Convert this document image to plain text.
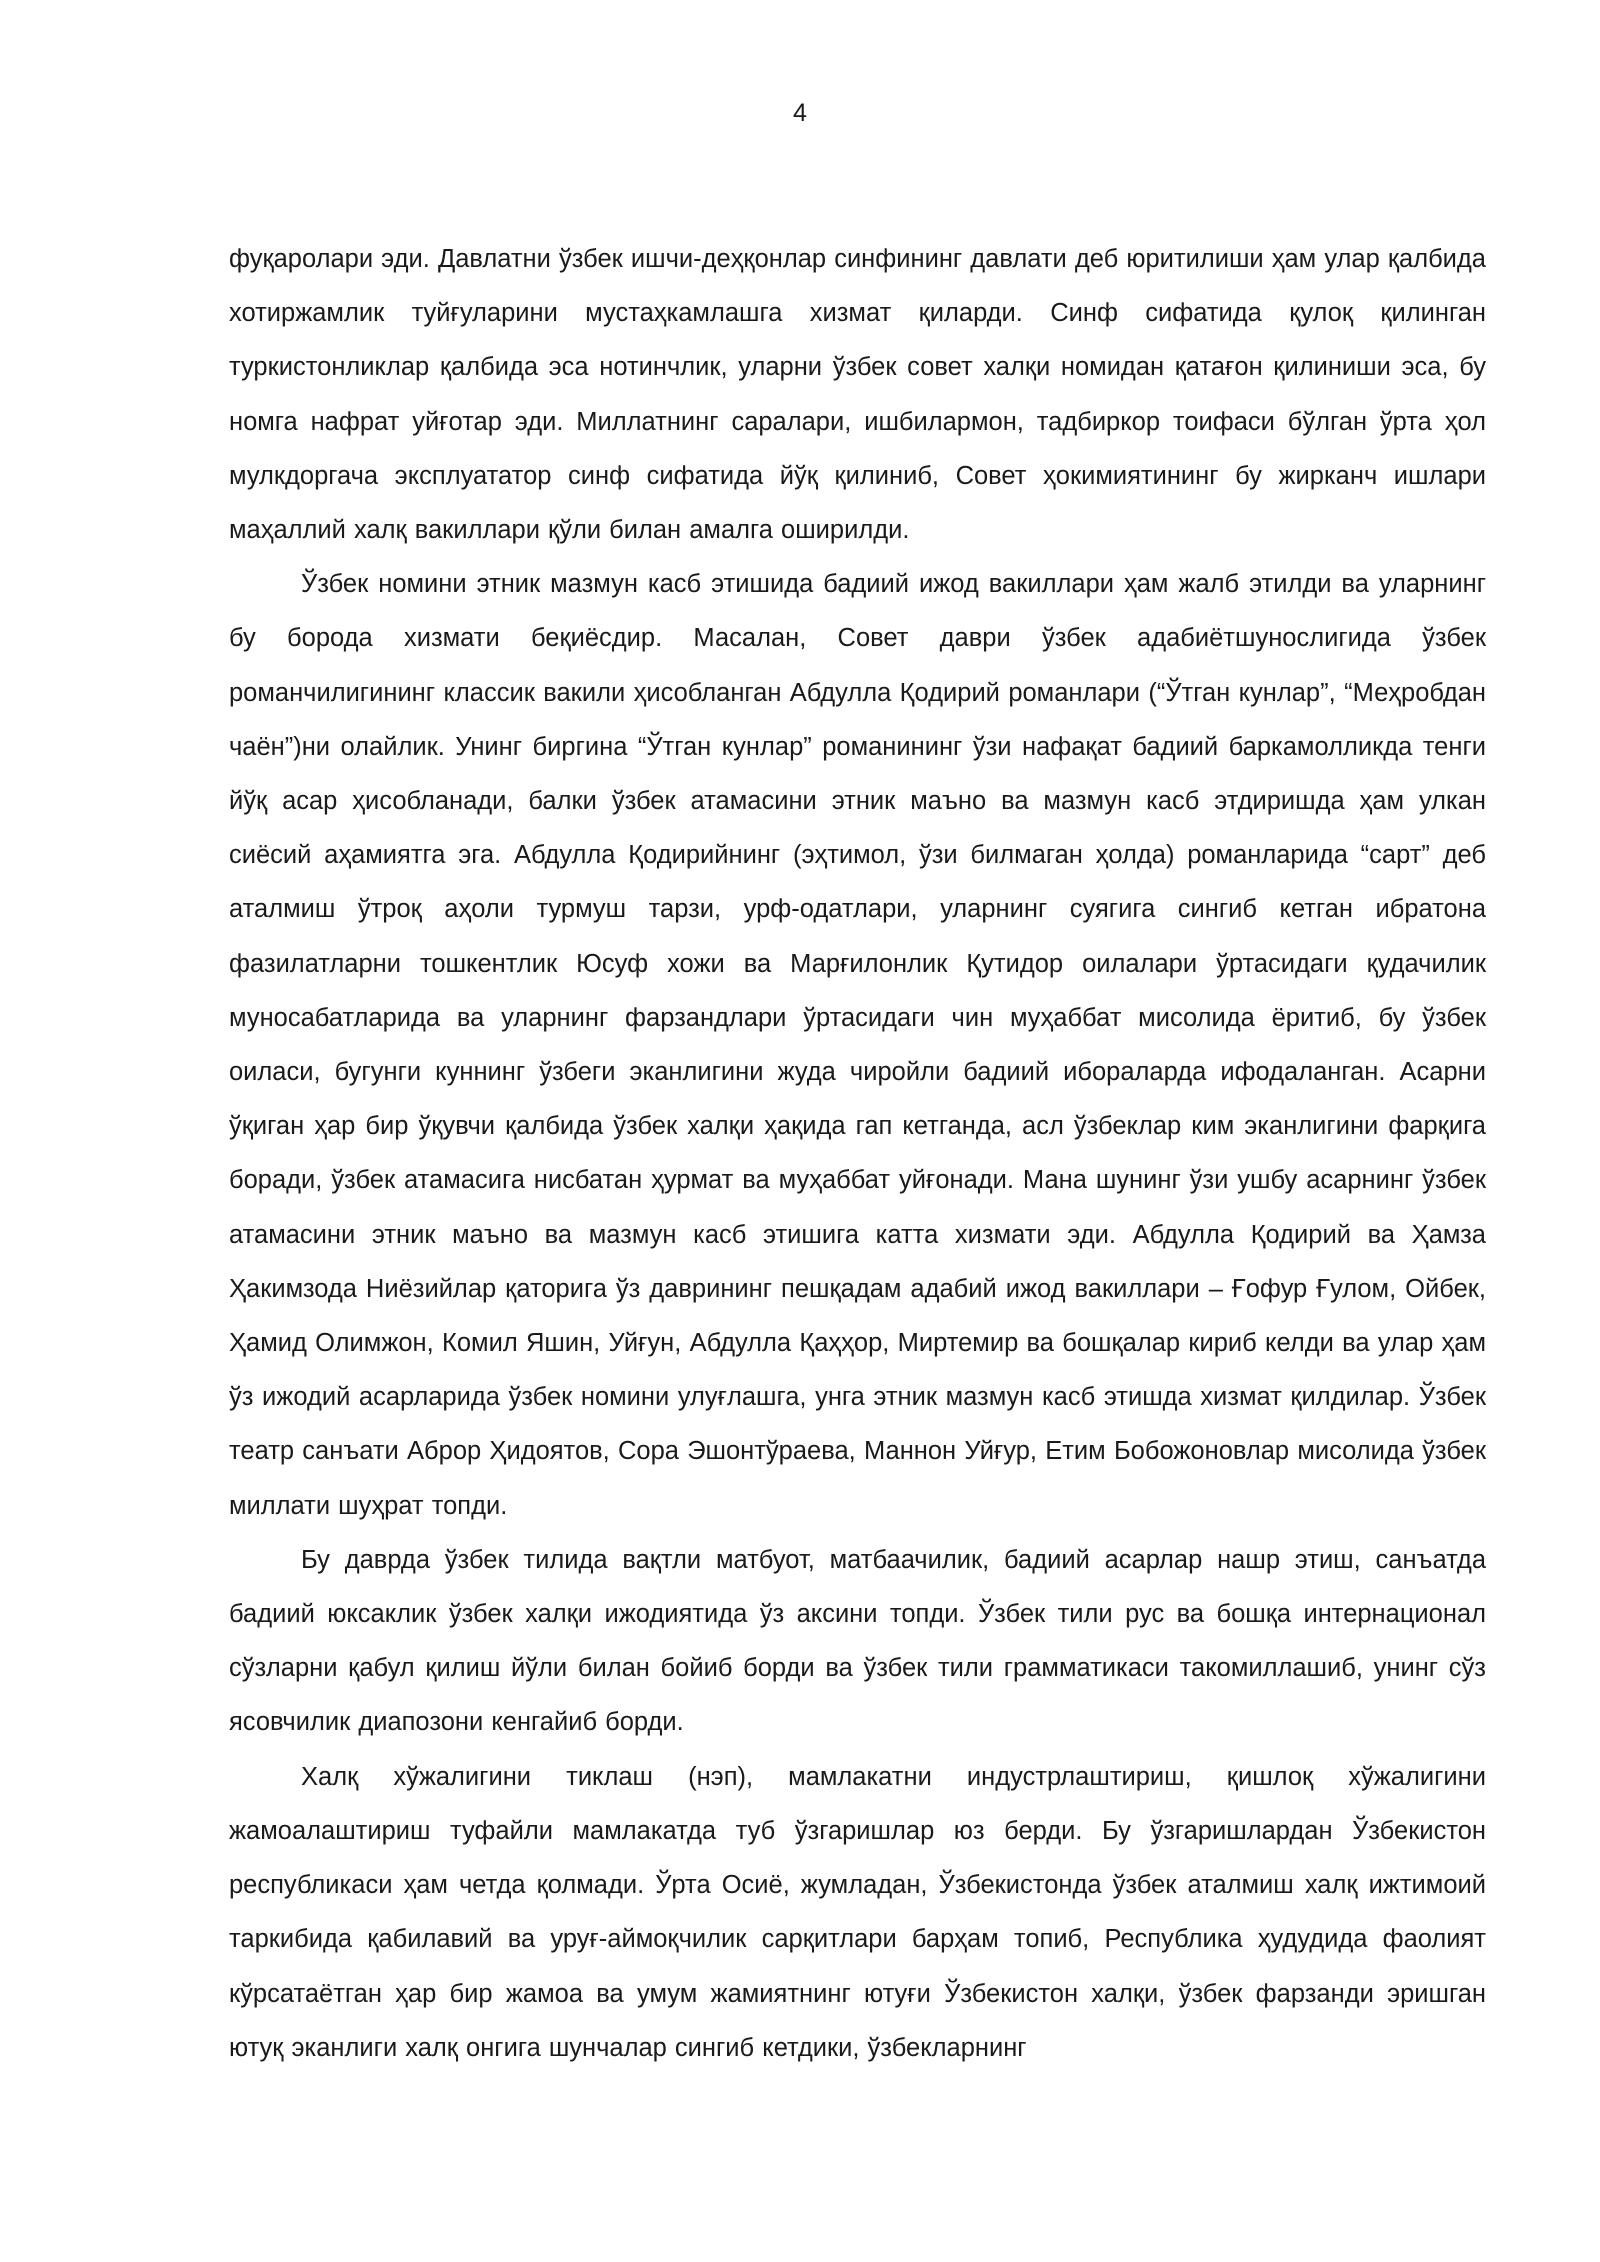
4

фуқаролари эди. Давлатни ўзбек ишчи-деҳқонлар синфининг давлати деб юритилиши ҳам улар қалбида хотиржамлик туйғуларини мустаҳкамлашга хизмат қиларди. Синф сифатида қулоқ қилинган туркистонликлар қалбида эса нотинчлик, уларни ўзбек совет халқи номидан қатағон қилиниши эса, бу номга нафрат уйғотар эди. Миллатнинг саралари, ишбилармон, тадбиркор тоифаси бўлган ўрта ҳол мулкдоргача эксплуататор синф сифатида йўқ қилиниб, Совет ҳокимиятининг бу жирканч ишлари маҳаллий халқ вакиллари қўли билан амалга оширилди.

Ўзбек номини этник мазмун касб этишида бадиий ижод вакиллари ҳам жалб этилди ва уларнинг бу бородa хизмати беқиёсдир. Масалан, Совет даври ўзбек адабиётшунослигида ўзбек романчилигининг классик вакили ҳисобланган Абдулла Қодирий романлари (“Ўтган кунлар”, “Меҳробдан чаён”)ни олайлик. Унинг биргина “Ўтган кунлар” романининг ўзи нафақат бадиий баркамолликда тенги йўқ асар ҳисобланади, балки ўзбек атамасини этник маъно ва мазмун касб этдиришда ҳам улкан сиёсий аҳамиятга эга. Абдулла Қодирийнинг (эҳтимол, ўзи билмаган ҳолда) романларида “сарт” деб аталмиш ўтроқ аҳоли турмуш тарзи, урф-одатлари, уларнинг суягига сингиб кетган ибратона фазилатларни тошкентлик Юсуф хожи ва Марғилонлик Қутидор оилалари ўртасидаги қудачилик муносабатларида ва уларнинг фарзандлари ўртасидаги чин муҳаббат мисолида ёритиб, бу ўзбек оиласи, бугунги куннинг ўзбеги эканлигини жуда чиройли бадиий ибораларда ифодаланган. Асарни ўқиган ҳар бир ўқувчи қалбида ўзбек халқи ҳақида гап кетганда, асл ўзбеклар ким эканлигини фарқига боради, ўзбек атамасига нисбатан ҳурмат ва муҳаббат уйғонади. Мана шунинг ўзи ушбу асарнинг ўзбек атамасини этник маъно ва мазмун касб этишига катта хизмати эди. Абдулла Қодирий ва Ҳамза Ҳакимзода Ниёзийлар қаторига ўз даврининг пешқадам адабий ижод вакиллари – Ғофур Ғулом, Ойбек, Ҳамид Олимжон, Комил Яшин, Уйғун, Абдулла Қаҳҳор, Миртемир ва бошқалар кириб келди ва улар ҳам ўз ижодий асарларида ўзбек номини улуғлашга, унга этник мазмун касб этишда хизмат қилдилар. Ўзбек театр санъати Аброр Ҳидоятов, Сора Эшонтўраева, Маннон Уйғур, Етим Бобожоновлар мисолида ўзбек миллати шуҳрат топди.

Бу даврда ўзбек тилида вақтли матбуот, матбаачилик, бадиий асарлар нашр этиш, санъатда бадиий юксаклик ўзбек халқи ижодиятида ўз аксини топди. Ўзбек тили рус ва бошқа интернационал сўзларни қабул қилиш йўли билан бойиб борди ва ўзбек тили грамматикаси такомиллашиб, унинг сўз ясовчилик диапозони кенгайиб борди.

Халқ хўжалигини тиклаш (нэп), мамлакатни индустрлаштириш, қишлоқ хўжалигини жамоалаштириш туфайли мамлакатда туб ўзгаришлар юз берди. Бу ўзгаришлардан Ўзбекистон республикаси ҳам четда қолмади. Ўрта Осиё, жумладан, Ўзбекистонда ўзбек аталмиш халқ ижтимоий таркибида қабилавий ва уруғ-аймоқчилик сарқитлари барҳам топиб, Республика ҳудудида фаолият кўрсатаётган ҳар бир жамоа ва умум жамиятнинг ютуғи Ўзбекистон халқи, ўзбек фарзанди эришган ютуқ эканлиги халқ онгига шунчалар сингиб кетдики, ўзбекларнинг
